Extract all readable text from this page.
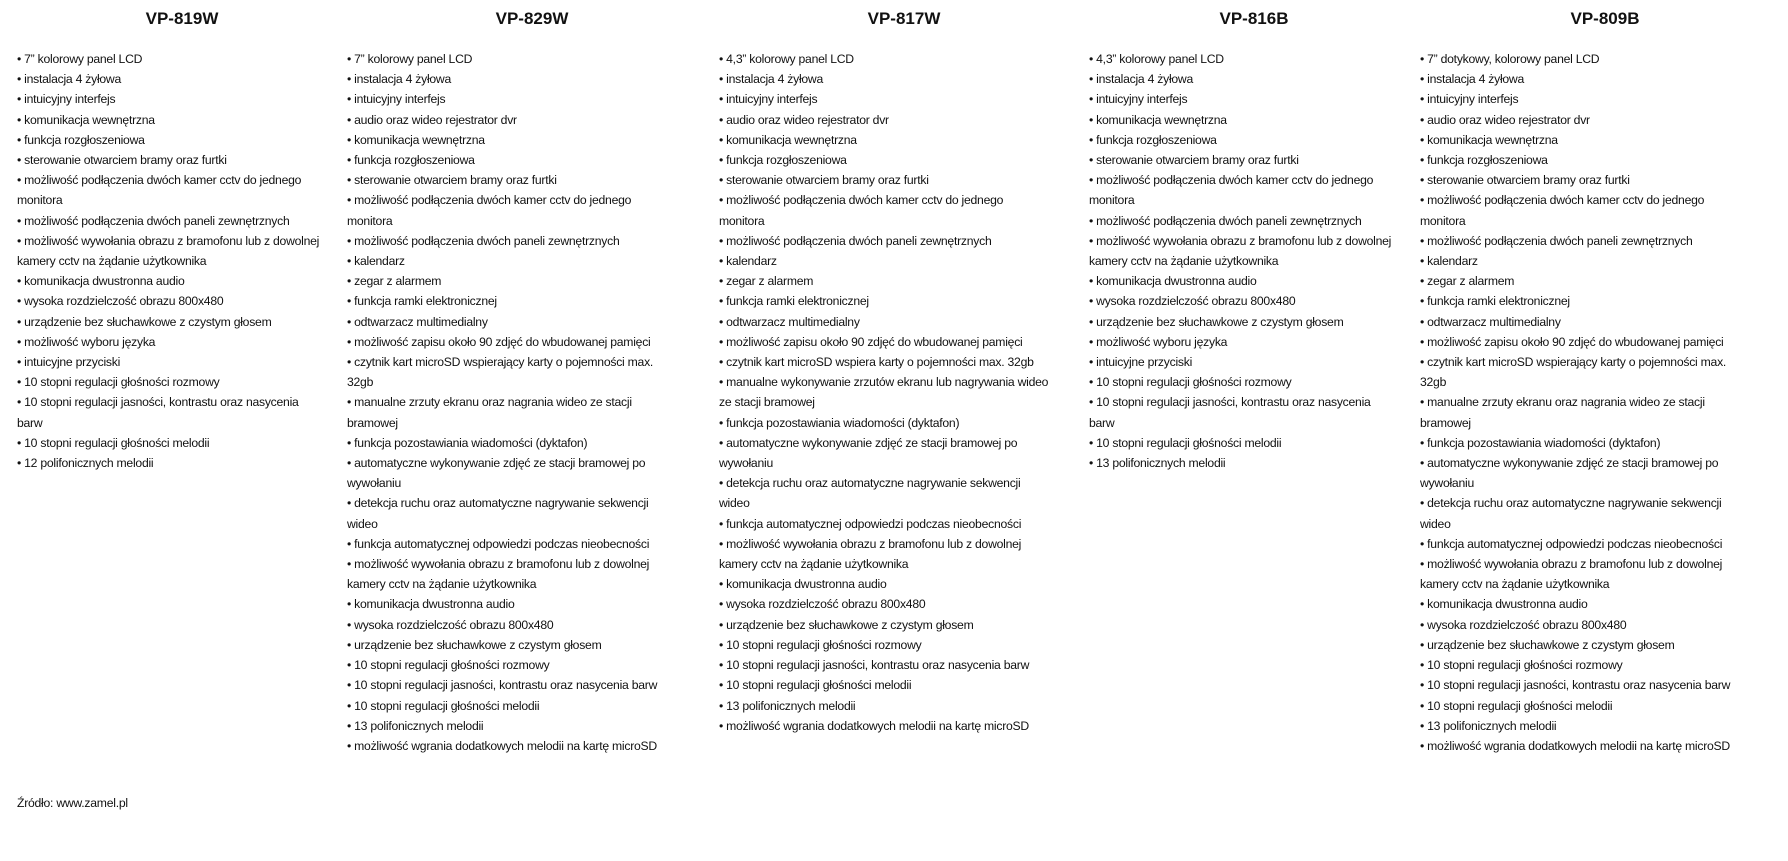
VP-819W
• 7” kolorowy panel LCD
• instalacja 4 żyłowa
• intuicyjny interfejs
• komunikacja wewnętrzna
• funkcja rozgłoszeniowa
• sterowanie otwarciem bramy oraz furtki
• możliwość podłączenia dwóch kamer cctv do jednego
monitora
• możliwość podłączenia dwóch paneli zewnętrznych
• możliwość wywołania obrazu z bramofonu lub z dowolnej
kamery cctv na żądanie użytkownika
• komunikacja dwustronna audio
• wysoka rozdzielczość obrazu 800x480
• urządzenie bez słuchawkowe z czystym głosem
• możliwość wyboru języka
• intuicyjne przyciski
• 10 stopni regulacji głośności rozmowy
• 10 stopni regulacji jasności, kontrastu oraz nasycenia
barw
• 10 stopni regulacji głośności melodii
• 12 polifonicznych melodii
VP-829W
• 7” kolorowy panel LCD
• instalacja 4 żyłowa
• intuicyjny interfejs
• audio oraz wideo rejestrator dvr
• komunikacja wewnętrzna
• funkcja rozgłoszeniowa
• sterowanie otwarciem bramy oraz furtki
• możliwość podłączenia dwóch kamer cctv do jednego monitora
• możliwość podłączenia dwóch paneli zewnętrznych
• kalendarz
• zegar z alarmem
• funkcja ramki elektronicznej
• odtwarzacz multimedialny
• możliwość zapisu około 90 zdjęć do wbudowanej pamięci
• czytnik kart microSD wspierający karty o pojemności max. 32gb
• manualne zrzuty ekranu oraz nagrania wideo ze stacji bramowej
• funkcja pozostawiania wiadomości (dyktafon)
• automatyczne wykonywanie zdjęć ze stacji bramowej po
wywołaniu
• detekcja ruchu oraz automatyczne nagrywanie sekwencji wideo
• funkcja automatycznej odpowiedzi podczas nieobecności
• możliwość wywołania obrazu z bramofonu lub z dowolnej
kamery cctv na żądanie użytkownika
• komunikacja dwustronna audio
• wysoka rozdzielczość obrazu 800x480
• urządzenie bez słuchawkowe z czystym głosem
• 10 stopni regulacji głośności rozmowy
• 10 stopni regulacji jasności, kontrastu oraz nasycenia barw
• 10 stopni regulacji głośności melodii
• 13 polifonicznych melodii
• możliwość wgrania dodatkowych melodii na kartę microSD
VP-817W
• 4,3” kolorowy panel LCD
• instalacja 4 żyłowa
• intuicyjny interfejs
• audio oraz wideo rejestrator dvr
• komunikacja wewnętrzna
• funkcja rozgłoszeniowa
• sterowanie otwarciem bramy oraz furtki
• możliwość podłączenia dwóch kamer cctv do jednego monitora
• możliwość podłączenia dwóch paneli zewnętrznych
• kalendarz
• zegar z alarmem
• funkcja ramki elektronicznej
• odtwarzacz multimedialny
• możliwość zapisu około 90 zdjęć do wbudowanej pamięci
• czytnik kart microSD wspiera karty o pojemności max. 32gb
• manualne wykonywanie zrzutów ekranu lub nagrywania wideo
ze stacji bramowej
• funkcja pozostawiania wiadomości (dyktafon)
• automatyczne wykonywanie zdjęć ze stacji bramowej po
wywołaniu
• detekcja ruchu oraz automatyczne nagrywanie sekwencji wideo
• funkcja automatycznej odpowiedzi podczas nieobecności
• możliwość wywołania obrazu z bramofonu lub z dowolnej
kamery cctv na żądanie użytkownika
• komunikacja dwustronna audio
• wysoka rozdzielczość obrazu 800x480
• urządzenie bez słuchawkowe z czystym głosem
• 10 stopni regulacji głośności rozmowy
• 10 stopni regulacji jasności, kontrastu oraz nasycenia barw
• 10 stopni regulacji głośności melodii
• 13 polifonicznych melodii
• możliwość wgrania dodatkowych melodii na kartę microSD
VP-816B
• 4,3” kolorowy panel LCD
• instalacja 4 żyłowa
• intuicyjny interfejs
• komunikacja wewnętrzna
• funkcja rozgłoszeniowa
• sterowanie otwarciem bramy oraz furtki
• możliwość podłączenia dwóch kamer cctv do jednego
monitora
• możliwość podłączenia dwóch paneli zewnętrznych
• możliwość wywołania obrazu z bramofonu lub z dowolnej
kamery cctv na żądanie użytkownika
• komunikacja dwustronna audio
• wysoka rozdzielczość obrazu 800x480
• urządzenie bez słuchawkowe z czystym głosem
• możliwość wyboru języka
• intuicyjne przyciski
• 10 stopni regulacji głośności rozmowy
• 10 stopni regulacji jasności, kontrastu oraz nasycenia
barw
• 10 stopni regulacji głośności melodii
• 13 polifonicznych melodii
VP-809B
• 7” dotykowy, kolorowy panel LCD
• instalacja 4 żyłowa
• intuicyjny interfejs
• audio oraz wideo rejestrator dvr
• komunikacja wewnętrzna
• funkcja rozgłoszeniowa
• sterowanie otwarciem bramy oraz furtki
• możliwość podłączenia dwóch kamer cctv do jednego monitora
• możliwość podłączenia dwóch paneli zewnętrznych
• kalendarz
• zegar z alarmem
• funkcja ramki elektronicznej
• odtwarzacz multimedialny
• możliwość zapisu około 90 zdjęć do wbudowanej pamięci
• czytnik kart microSD wspierający karty o pojemności max. 32gb
• manualne zrzuty ekranu oraz nagrania wideo ze stacji bramowej
• funkcja pozostawiania wiadomości (dyktafon)
• automatyczne wykonywanie zdjęć ze stacji bramowej po
wywołaniu
• detekcja ruchu oraz automatyczne nagrywanie sekwencji wideo
• funkcja automatycznej odpowiedzi podczas nieobecności
• możliwość wywołania obrazu z bramofonu lub z dowolnej
kamery cctv na żądanie użytkownika
• komunikacja dwustronna audio
• wysoka rozdzielczość obrazu 800x480
• urządzenie bez słuchawkowe z czystym głosem
• 10 stopni regulacji głośności rozmowy
• 10 stopni regulacji jasności, kontrastu oraz nasycenia barw
• 10 stopni regulacji głośności melodii
• 13 polifonicznych melodii
• możliwość wgrania dodatkowych melodii na kartę microSD

Źródło: www.zamel.pl
